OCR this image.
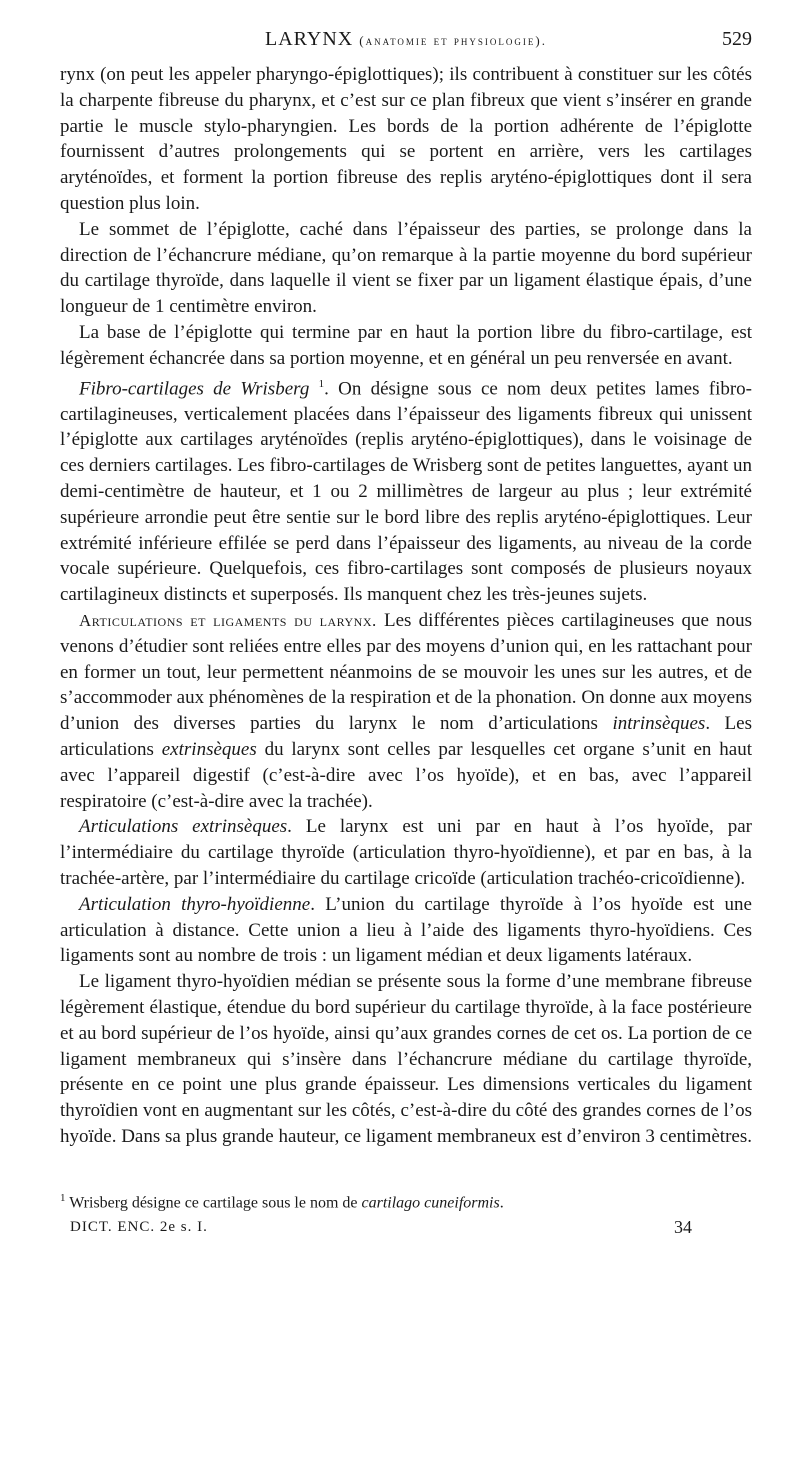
LARYNX (anatomie et physiologie).	529

rynx (on peut les appeler pharyngo-épiglottiques); ils contribuent à constituer sur les côtés la charpente fibreuse du pharynx, et c’est sur ce plan fibreux que vient s’insérer en grande partie le muscle stylo-pharyngien. Les bords de la portion adhérente de l’épiglotte fournissent d’autres prolongements qui se portent en arrière, vers les cartilages aryténoïdes, et forment la portion fibreuse des replis aryténo-épiglottiques dont il sera question plus loin.

 Le sommet de l’épiglotte, caché dans l’épaisseur des parties, se prolonge dans la direction de l’échancrure médiane, qu’on remarque à la partie moyenne du bord supérieur du cartilage thyroïde, dans laquelle il vient se fixer par un ligament élastique épais, d’une longueur de 1 centimètre environ.

 La base de l’épiglotte qui termine par en haut la portion libre du fibro-cartilage, est légèrement échancrée dans sa portion moyenne, et en général un peu renversée en avant.

 Fibro-cartilages de Wrisberg $^1$. On désigne sous ce nom deux petites lames fibro-cartilagineuses, verticalement placées dans l’épaisseur des ligaments fibreux qui unissent l’épiglotte aux cartilages aryténoïdes (replis aryténo-épiglottiques), dans le voisinage de ces derniers cartilages. Les fibro-cartilages de Wrisberg sont de petites languettes, ayant un demi-centimètre de hauteur, et 1 ou 2 millimètres de largeur au plus ; leur extrémité supérieure arrondie peut être sentie sur le bord libre des replis aryténo-épiglottiques. Leur extrémité inférieure effilée se perd dans l’épaisseur des ligaments, au niveau de la corde vocale supérieure. Quelquefois, ces fibro-cartilages sont composés de plusieurs noyaux cartilagineux distincts et superposés. Ils manquent chez les très-jeunes sujets.

 Articulations et ligaments du larynx. Les différentes pièces cartilagineuses que nous venons d’étudier sont reliées entre elles par des moyens d’union qui, en les rattachant pour en former un tout, leur permettent néanmoins de se mouvoir les unes sur les autres, et de s’accommoder aux phénomènes de la respiration et de la phonation. On donne aux moyens d’union des diverses parties du larynx le nom d’articulations intrinsèques. Les articulations extrinsèques du larynx sont celles par lesquelles cet organe s’unit en haut avec l’appareil digestif (c’est-à-dire avec l’os hyoïde), et en bas, avec l’appareil respiratoire (c’est-à-dire avec la trachée).

 Articulations extrinsèques. Le larynx est uni par en haut à l’os hyoïde, par l’intermédiaire du cartilage thyroïde (articulation thyro-hyoïdienne), et par en bas, à la trachée-artère, par l’intermédiaire du cartilage cricoïde (articulation trachéo-cricoïdienne).

 Articulation thyro-hyoïdienne. L’union du cartilage thyroïde à l’os hyoïde est une articulation à distance. Cette union a lieu à l’aide des ligaments thyro-hyoïdiens. Ces ligaments sont au nombre de trois : un ligament médian et deux ligaments latéraux.

 Le ligament thyro-hyoïdien médian se présente sous la forme d’une membrane fibreuse légèrement élastique, étendue du bord supérieur du cartilage thyroïde, à la face postérieure et au bord supérieur de l’os hyoïde, ainsi qu’aux grandes cornes de cet os. La portion de ce ligament membraneux qui s’insère dans l’échancrure médiane du cartilage thyroïde, présente en ce point une plus grande épaisseur. Les dimensions verticales du ligament thyroïdien vont en augmentant sur les côtés, c’est-à-dire du côté des grandes cornes de l’os hyoïde. Dans sa plus grande hauteur, ce ligament membraneux est d’environ 3 centimètres.

$^1$ Wrisberg désigne ce cartilage sous le nom de cartilago cuneiformis.
DICT. ENC. 2e s. I.	34
